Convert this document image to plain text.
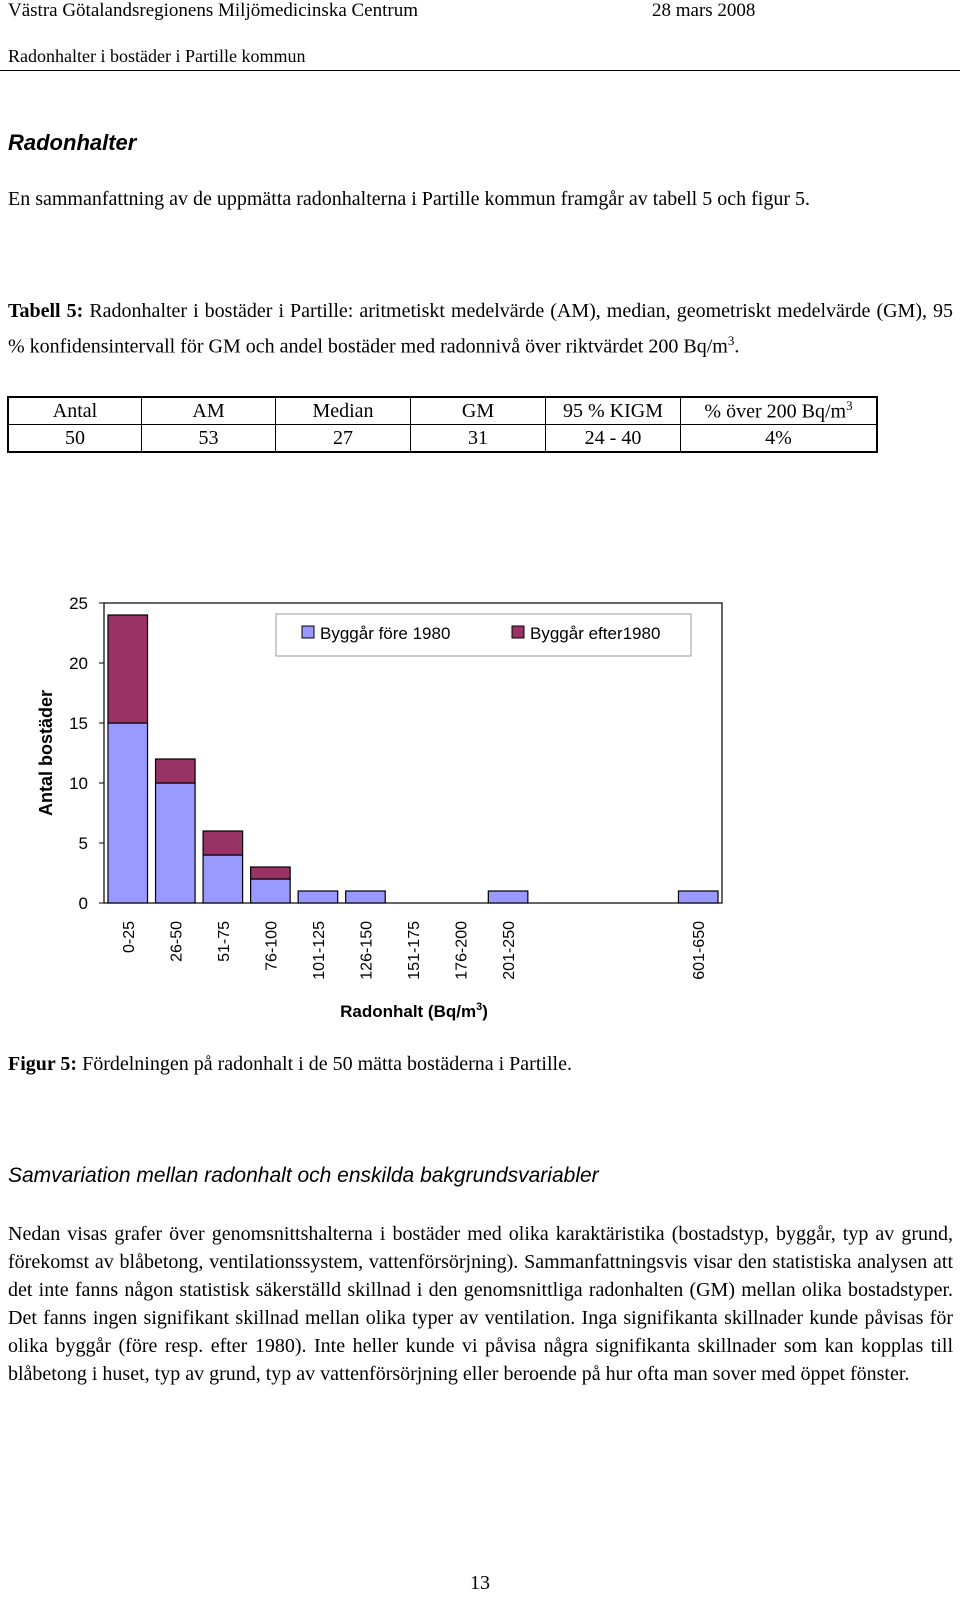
Västra Götalandsregionens Miljömedicinska Centrum	28 mars 2008
Radonhalter i bostäder i Partille kommun
Radonhalter
En sammanfattning av de uppmätta radonhalterna i Partille kommun framgår av tabell 5 och figur 5.
Tabell 5: Radonhalter i bostäder i Partille: aritmetiskt medelvärde (AM), median, geometriskt medelvärde (GM), 95 % konfidensintervall för GM och andel bostäder med radonnivå över riktvärdet 200 $Bq/m^3$.
Antal	AM	Median	GM	95 % KIGM	% över 200 $Bq/m^3$
50	53	27	31	24 - 40	4%
0
5
10
15
20
25
0-25 26-50 51-75 76-100 101-125 126-150 151-175 176-200 201-250	601-650
Antal bostäder
Radonhalt $(Bq/m^3)$
Byggår före 1980	Byggår efter1980
Figur 5: Fördelningen på radonhalt i de 50 mätta bostäderna i Partille.
Samvariation mellan radonhalt och enskilda bakgrundsvariabler
Nedan visas grafer över genomsnittshalterna i bostäder med olika karaktäristika (bostadstyp, byggår, typ av grund, förekomst av blåbetong, ventilationssystem, vattenförsörjning). Sammanfattningsvis visar den statistiska analysen att det inte fanns någon statistisk säkerställd skillnad i den genomsnittliga radonhalten (GM) mellan olika bostadstyper. Det fanns ingen signifikant skillnad mellan olika typer av ventilation. Inga signifikanta skillnader kunde påvisas för olika byggår (före resp. efter 1980). Inte heller kunde vi påvisa några signifikanta skillnader som kan kopplas till blåbetong i huset, typ av grund, typ av vattenförsörjning eller beroende på hur ofta man sover med öppet fönster.
13
